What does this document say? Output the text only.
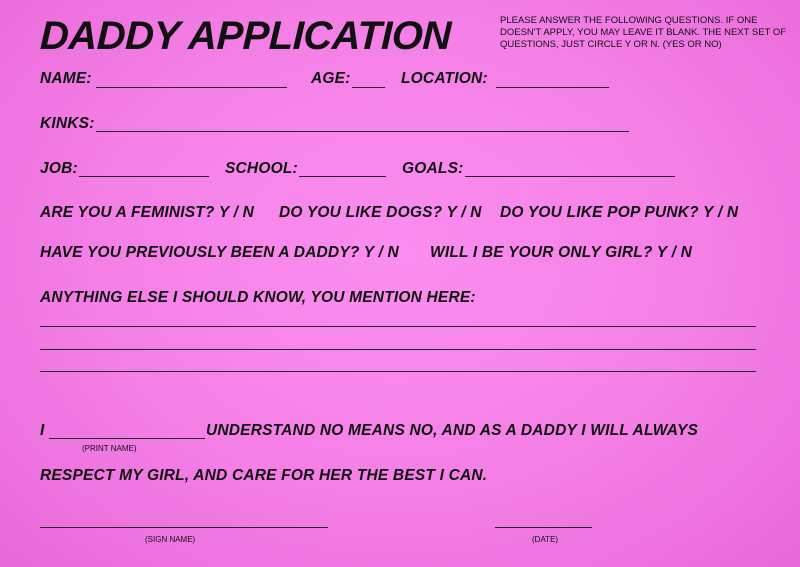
DADDY APPLICATION	PLEASE ANSWER THE FOLLOWING QUESTIONS. IF ONE DOESN'T APPLY, YOU MAY LEAVE IT BLANK. THE NEXT SET OF QUESTIONS, JUST CIRCLE Y OR N. (YES OR NO)
NAME:	AGE:	LOCATION:
KINKS:
JOB:	SCHOOL:	GOALS:
ARE YOU A FEMINIST? Y / N DO YOU LIKE DOGS? Y / N DO YOU LIKE POP PUNK? Y / N
HAVE YOU PREVIOUSLY BEEN A DADDY? Y / N WILL I BE YOUR ONLY GIRL? Y / N
ANYTHING ELSE I SHOULD KNOW, YOU MENTION HERE:
I	UNDERSTAND NO MEANS NO, AND AS A DADDY I WILL ALWAYS
(PRINT NAME)
RESPECT MY GIRL, AND CARE FOR HER THE BEST I CAN.
(SIGN NAME)	(DATE)
